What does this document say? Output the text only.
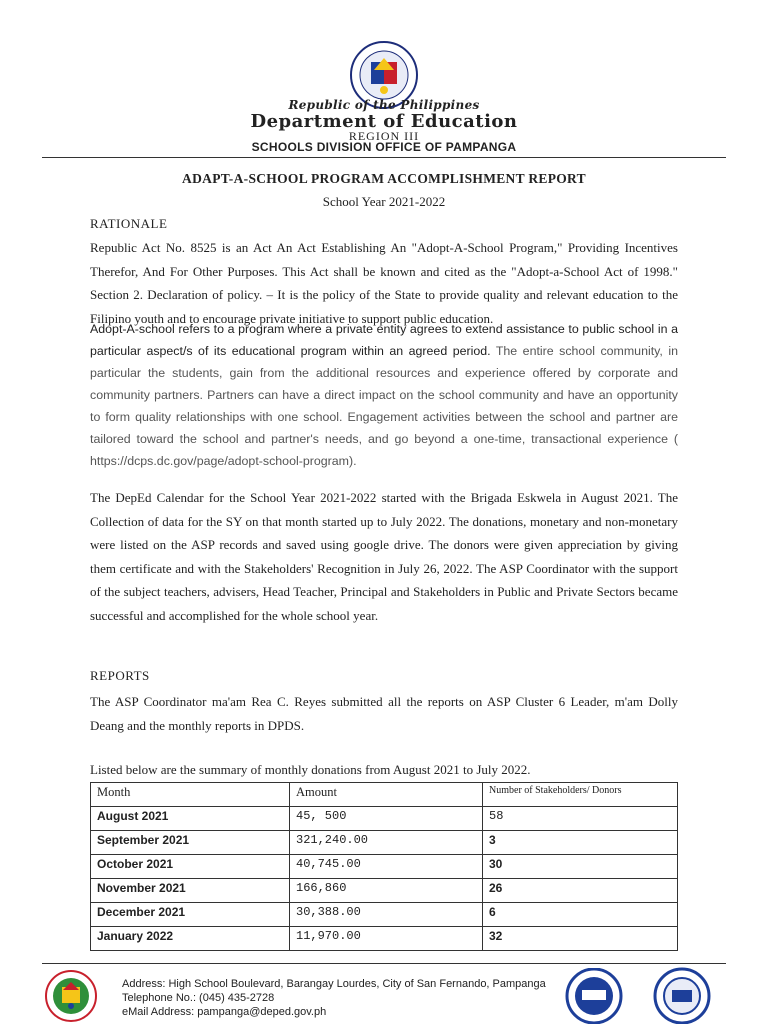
Republic of the Philippines
Department of Education
REGION III
SCHOOLS DIVISION OFFICE OF PAMPANGA
ADAPT-A-SCHOOL PROGRAM ACCOMPLISHMENT REPORT
School Year 2021-2022
RATIONALE
Republic Act No. 8525 is an Act An Act Establishing An "Adopt-A-School Program," Providing Incentives Therefor, And For Other Purposes. This Act shall be known and cited as the "Adopt-a-School Act of 1998." Section 2. Declaration of policy. – It is the policy of the State to provide quality and relevant education to the Filipino youth and to encourage private initiative to support public education.
Adopt-A-school refers to a program where a private entity agrees to extend assistance to public school in a particular aspect/s of its educational program within an agreed period. The entire school community, in particular the students, gain from the additional resources and experience offered by corporate and community partners. Partners can have a direct impact on the school community and have an opportunity to form quality relationships with one school. Engagement activities between the school and partner are tailored toward the school and partner's needs, and go beyond a one-time, transactional experience ( https://dcps.dc.gov/page/adopt-school-program).
The DepEd Calendar for the School Year 2021-2022 started with the Brigada Eskwela in August 2021. The Collection of data for the SY on that month started up to July 2022. The donations, monetary and non-monetary were listed on the ASP records and saved using google drive. The donors were given appreciation by giving them certificate and with the Stakeholders' Recognition in July 26, 2022. The ASP Coordinator with the support of the subject teachers, advisers, Head Teacher, Principal and Stakeholders in Public and Private Sectors became successful and accomplished for the whole school year.
REPORTS
The ASP Coordinator ma'am Rea C. Reyes submitted all the reports on ASP Cluster 6 Leader, m'am Dolly Deang and the monthly reports in DPDS.
Listed below are the summary of monthly donations from August 2021 to July 2022.
Month	Amount	Number of Stakeholders/ Donors
August 2021	45, 500	58
September 2021	321,240.00	3
October 2021	40,745.00	30
November 2021	166,860	26
December 2021	30,388.00	6
January 2022	11,970.00	32
Address: High School Boulevard, Barangay Lourdes, City of San Fernando, Pampanga
Telephone No.: (045) 435-2728
eMail Address: pampanga@deped.gov.ph
